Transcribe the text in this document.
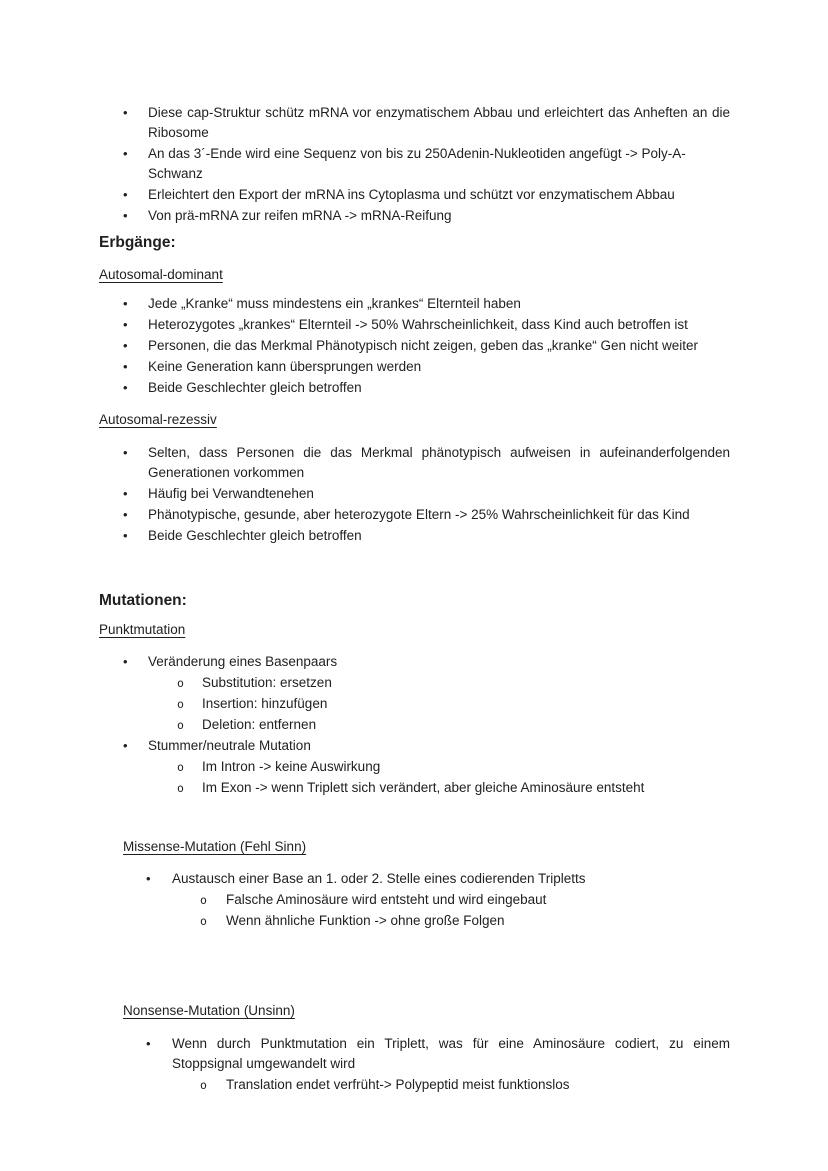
• Diese cap-Struktur schütz mRNA vor enzymatischem Abbau und erleichtert das Anheften an die
Ribosome
• An das 3´-Ende wird eine Sequenz von bis zu 250Adenin-Nukleotiden angefügt -> Poly-A-Schwanz
• Erleichtert den Export der mRNA ins Cytoplasma und schützt vor enzymatischem Abbau
• Von prä-mRNA zur reifen mRNA -> mRNA-Reifung
Erbgänge:
Autosomal-dominant
• Jede „Kranke“ muss mindestens ein „krankes“ Elternteil haben
• Heterozygotes „krankes“ Elternteil -> 50% Wahrscheinlichkeit, dass Kind auch betroffen ist
• Personen, die das Merkmal Phänotypisch nicht zeigen, geben das „kranke“ Gen nicht weiter
• Keine Generation kann übersprungen werden
• Beide Geschlechter gleich betroffen
Autosomal-rezessiv
• Selten, dass Personen die das Merkmal phänotypisch aufweisen in aufeinanderfolgenden
Generationen vorkommen
• Häufig bei Verwandtenehen
• Phänotypische, gesunde, aber heterozygote Eltern -> 25% Wahrscheinlichkeit für das Kind
• Beide Geschlechter gleich betroffen
Mutationen:
Punktmutation
• Veränderung eines Basenpaars
o Substitution: ersetzen
o Insertion: hinzufügen
o Deletion: entfernen
• Stummer/neutrale Mutation
o Im Intron -> keine Auswirkung
o Im Exon -> wenn Triplett sich verändert, aber gleiche Aminosäure entsteht
Missense-Mutation (Fehl Sinn)
• Austausch einer Base an 1. oder 2. Stelle eines codierenden Tripletts
o Falsche Aminosäure wird entsteht und wird eingebaut
o Wenn ähnliche Funktion -> ohne große Folgen
Nonsense-Mutation (Unsinn)
• Wenn durch Punktmutation ein Triplett, was für eine Aminosäure codiert, zu einem
Stoppsignal umgewandelt wird
o Translation endet verfrüht-> Polypeptid meist funktionslos
